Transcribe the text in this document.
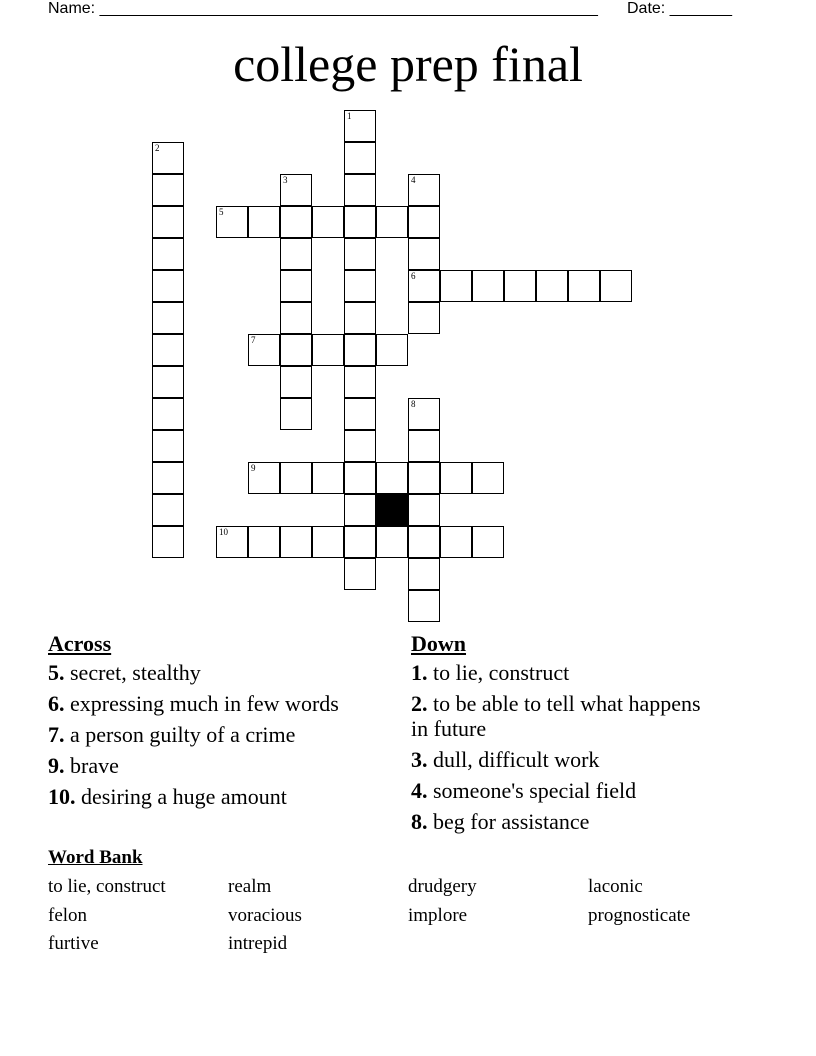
Name: ________________________________________________________ Date: _______
college prep final
1
2
3	4
6
5
7
8
9
10
Across
5. secret, stealthy
6. expressing much in few words
7. a person guilty of a crime
9. brave
10. desiring a huge amount
Down
1. to lie, construct
2. to be able to tell what happens in future
3. dull, difficult work
4. someone's special field
8. beg for assistance
Word Bank
to lie, construct	realm	drudgery	laconic
felon	voracious	implore	prognosticate
furtive	intrepid
